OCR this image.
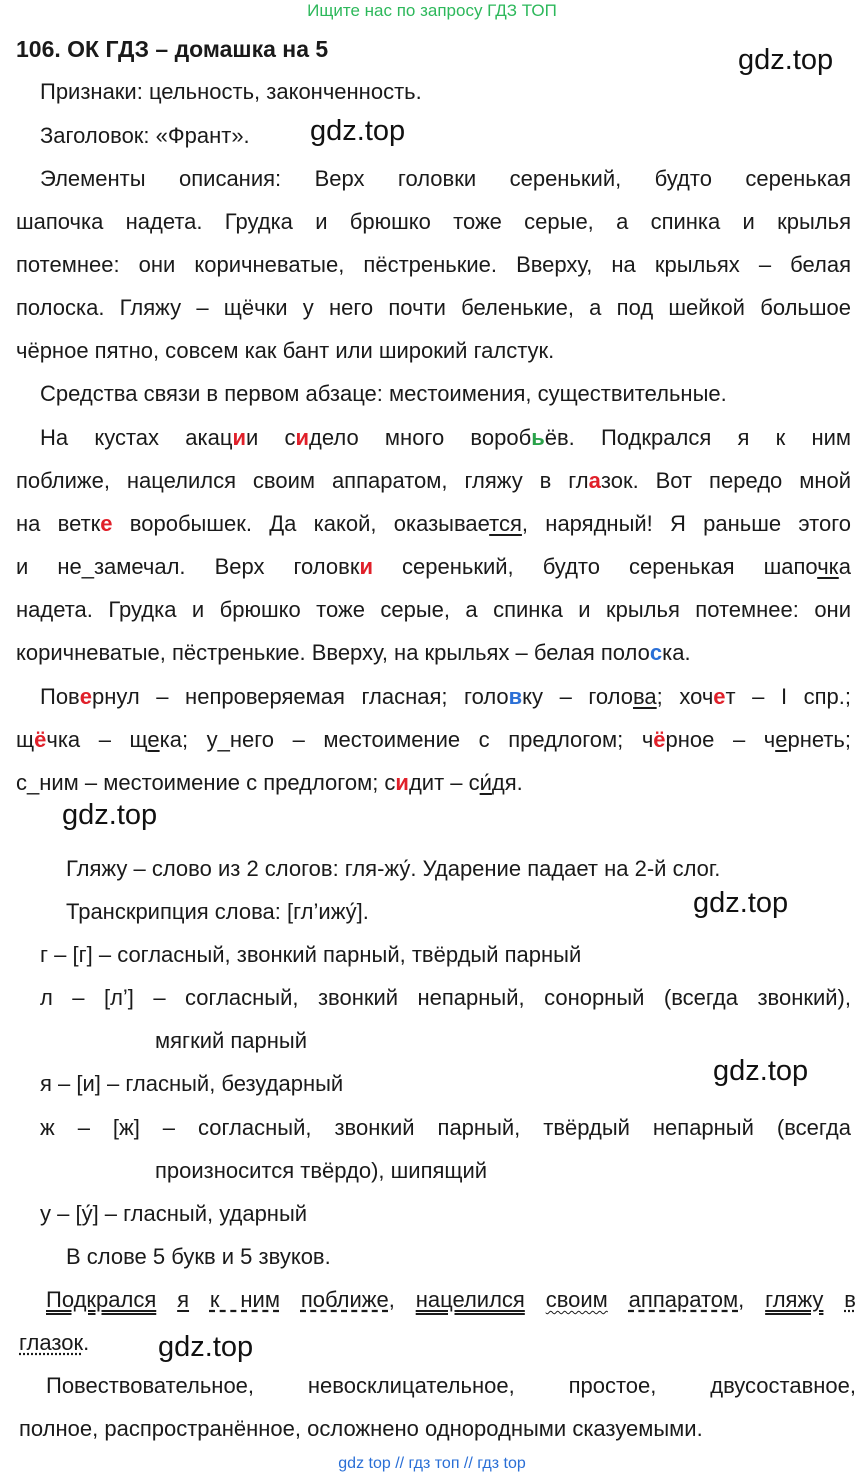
Ищите нас по запросу ГДЗ ТОП
106. ОК ГДЗ – домашка на 5	gdz.top
Признаки: цельность, законченность.
Заголовок: «Франт». gdz.top
Элементы описания: Верх головки серенький, будто серенькая
шапочка надета. Грудка и брюшко тоже серые, а спинка и крылья
потемнее: они коричневатые, пёстренькие. Вверху, на крыльях – белая
полоска. Гляжу – щёчки у него почти беленькие, а под шейкой большое
чёрное пятно, совсем как бант или широкий галстук.
Средства связи в первом абзаце: местоимения, существительные.
На кустах акации сидело много воробьёв. Подкрался я к ним
поближе, нацелился своим аппаратом, гляжу в глазок. Вот передо мной
на ветке воробышек. Да какой, оказывается, нарядный! Я раньше этого
и не_замечал. Верх головки серенький, будто серенькая шапочка
надета. Грудка и брюшко тоже серые, а спинка и крылья потемнее: они
коричневатые, пёстренькие. Вверху, на крыльях – белая полоска.
Повернул – непроверяемая гласная; головку – голова; хочет – I спр.;
щёчка – щека; у_него – местоимение с предлогом; чёрное – чернеть;
с_ним – местоимение с предлогом; сидит – си́дя.
gdz.top
Гляжу – слово из 2 слогов: гля-жу́. Ударение падает на 2-й слог.
Транскрипция слова: [гл’ижу́].	gdz.top
г – [г] – согласный, звонкий парный, твёрдый парный
л – [л’] – согласный, звонкий непарный, сонорный (всегда звонкий),
мягкий парный
я – [и] – гласный, безударный	gdz.top
ж – [ж] – согласный, звонкий парный, твёрдый непарный (всегда
произносится твёрдо), шипящий
у – [у́] – гласный, ударный
В слове 5 букв и 5 звуков.
Подкрался я к ним поближе, нацелился своим аппаратом, гляжу в
глазок. gdz.top
Повествовательное, невосклицательное, простое, двусоставное,
полное, распространённое, осложнено однородными сказуемыми.
gdz top // гдз топ // гдз top
